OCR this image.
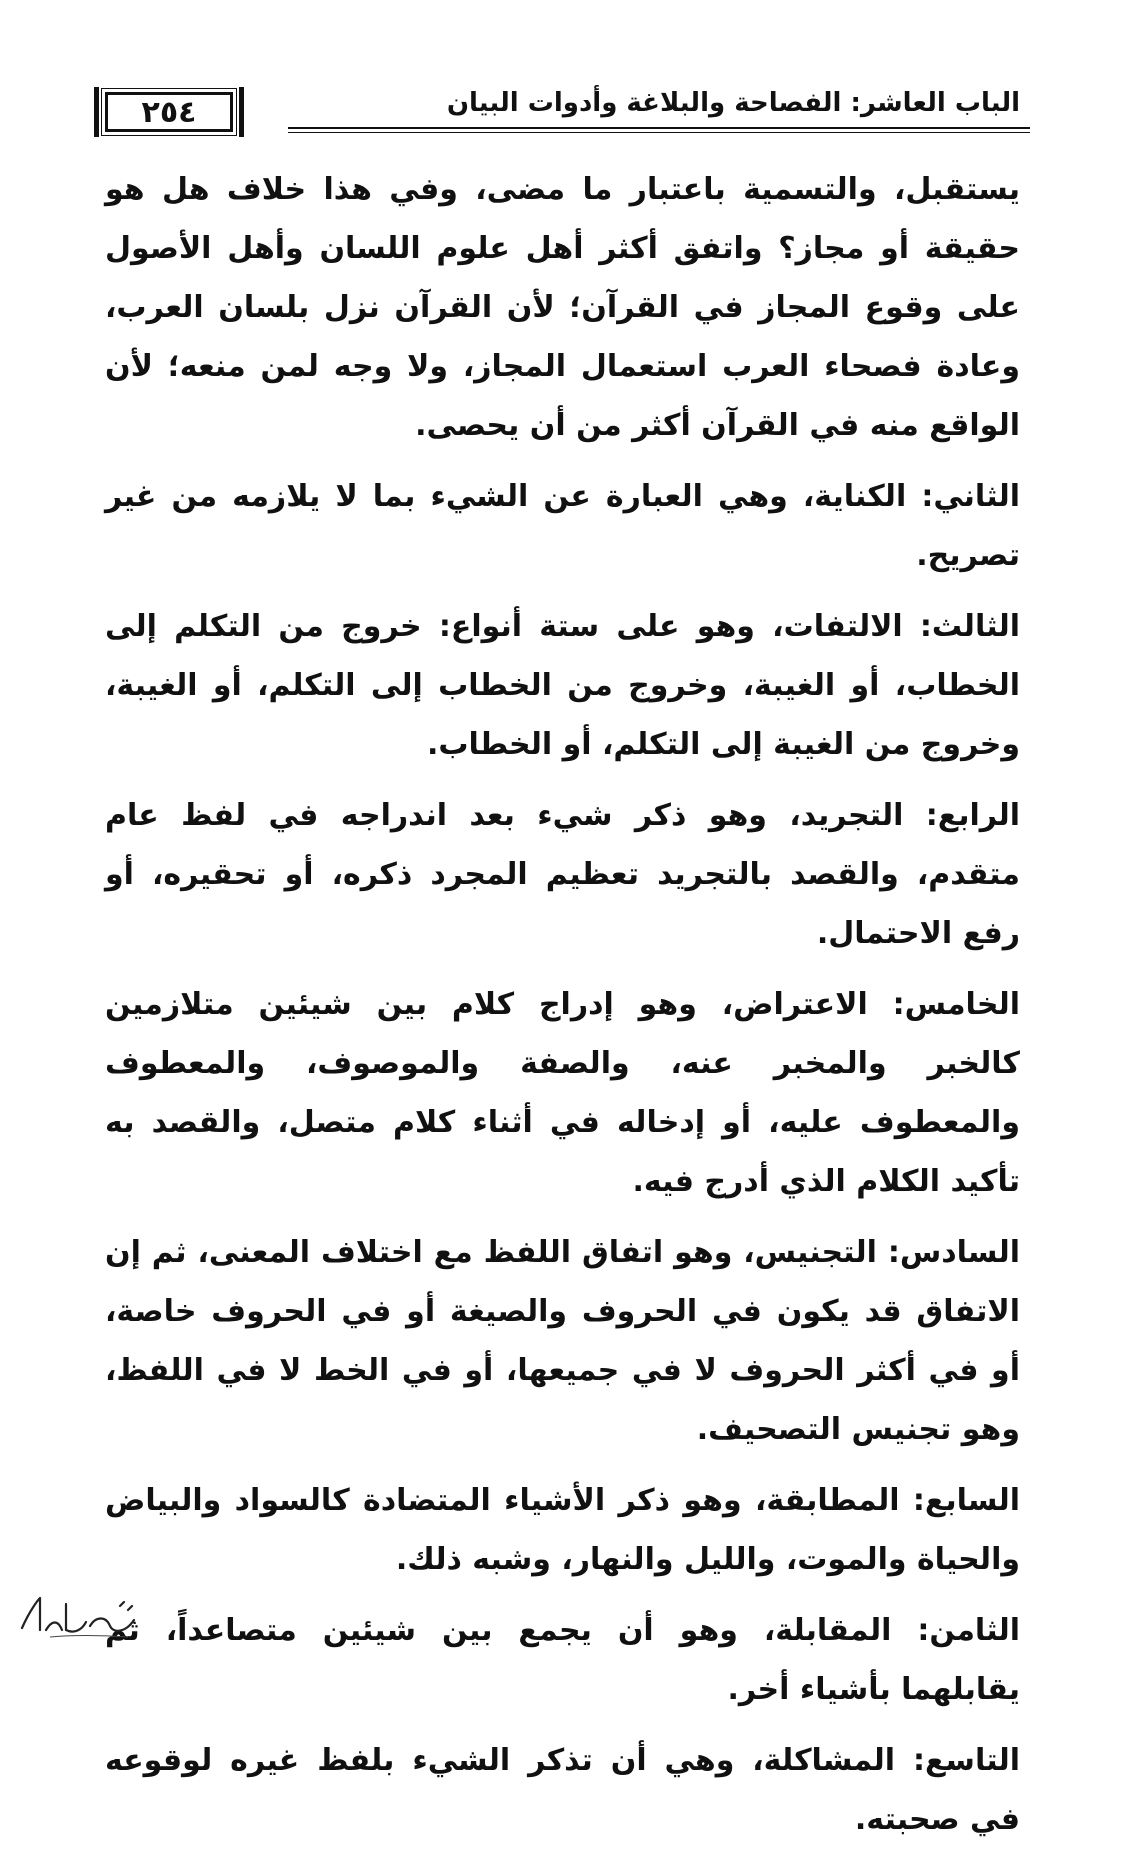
٢٥٤	الباب العاشر: الفصاحة والبلاغة وأدوات البيان

يستقبل، والتسمية باعتبار ما مضى، وفي هذا خلاف هل هو حقيقة أو مجاز؟ واتفق أكثر أهل علوم اللسان وأهل الأصول على وقوع المجاز في القرآن؛ لأن القرآن نزل بلسان العرب، وعادة فصحاء العرب استعمال المجاز، ولا وجه لمن منعه؛ لأن الواقع منه في القرآن أكثر من أن يحصى.

الثاني: الكناية، وهي العبارة عن الشيء بما لا يلازمه من غير تصريح.

الثالث: الالتفات، وهو على ستة أنواع: خروج من التكلم إلى الخطاب، أو الغيبة، وخروج من الخطاب إلى التكلم، أو الغيبة، وخروج من الغيبة إلى التكلم، أو الخطاب.

الرابع: التجريد، وهو ذكر شيء بعد اندراجه في لفظ عام متقدم، والقصد بالتجريد تعظيم المجرد ذكره، أو تحقيره، أو رفع الاحتمال.

الخامس: الاعتراض، وهو إدراج كلام بين شيئين متلازمين كالخبر والمخبر عنه، والصفة والموصوف، والمعطوف والمعطوف عليه، أو إدخاله في أثناء كلام متصل، والقصد به تأكيد الكلام الذي أدرج فيه.

السادس: التجنيس، وهو اتفاق اللفظ مع اختلاف المعنى، ثم إن الاتفاق قد يكون في الحروف والصيغة أو في الحروف خاصة، أو في أكثر الحروف لا في جميعها، أو في الخط لا في اللفظ، وهو تجنيس التصحيف.

السابع: المطابقة، وهو ذكر الأشياء المتضادة كالسواد والبياض والحياة والموت، والليل والنهار، وشبه ذلك.

الثامن: المقابلة، وهو أن يجمع بين شيئين متصاعداً، ثم يقابلهما بأشياء أخر.

التاسع: المشاكلة، وهي أن تذكر الشيء بلفظ غيره لوقوعه في صحبته.
